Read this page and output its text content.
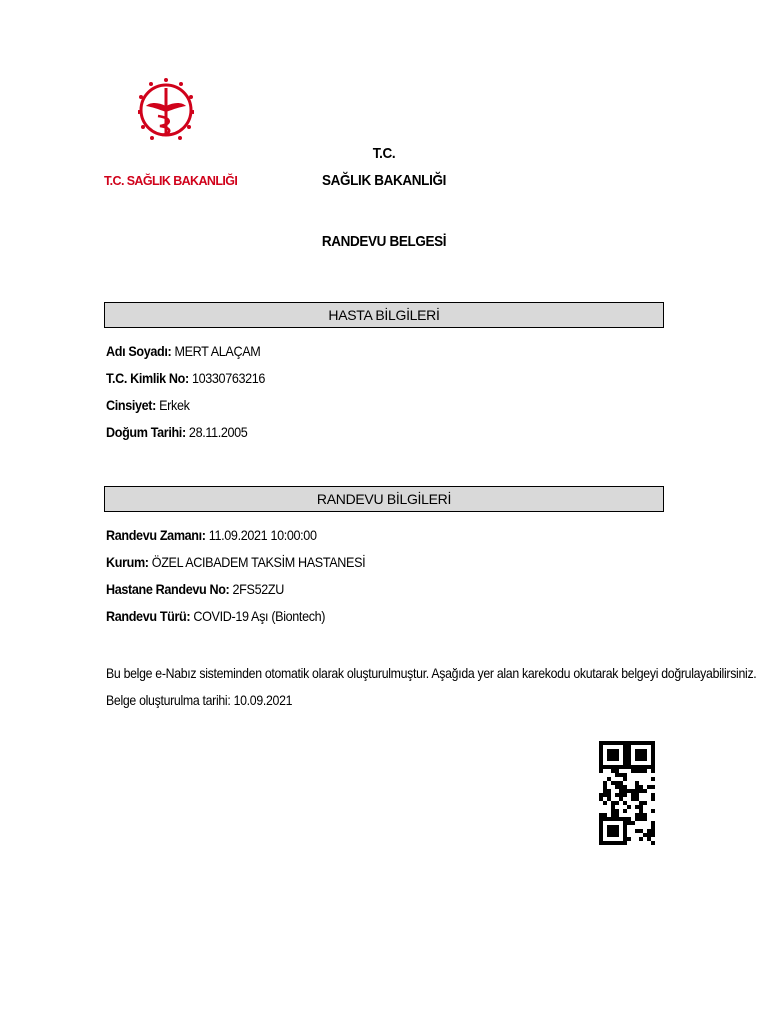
T.C. SAĞLIK BAKANLIĞI
T.C.
SAĞLIK BAKANLIĞI
RANDEVU BELGESİ
HASTA BİLGİLERİ
Adı Soyadı: MERT ALAÇAM
T.C. Kimlik No: 10330763216
Cinsiyet: Erkek
Doğum Tarihi: 28.11.2005
RANDEVU BİLGİLERİ
Randevu Zamanı: 11.09.2021 10:00:00
Kurum: ÖZEL ACIBADEM TAKSİM HASTANESİ
Hastane Randevu No: 2FS52ZU
Randevu Türü: COVID-19 Aşı (Biontech)
Bu belge e-Nabız sisteminden otomatik olarak oluşturulmuştur. Aşağıda yer alan karekodu okutarak belgeyi doğrulayabilirsiniz.
Belge oluşturulma tarihi: 10.09.2021
